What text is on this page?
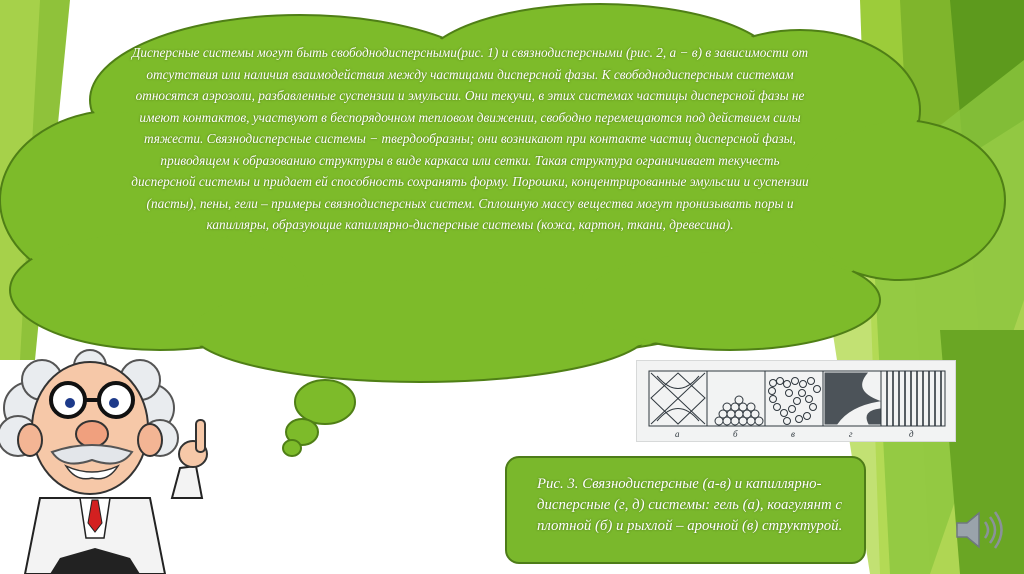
Дисперсные системы могут быть свободнодисперсными(рис. 1) и связнодисперсными (рис. 2, а − в) в зависимости от отсутствия или наличия взаимодействия между частицами дисперсной фазы. К свободнодисперсным системам относятся аэрозоли, разбавленные суспензии и эмульсии. Они текучи, в этих системах частицы дисперсной фазы не имеют контактов, участвуют в беспорядочном тепловом движении, свободно перемещаются под действием силы тяжести. Связнодисперсные системы − твердообразны; они возникают при контакте частиц дисперсной фазы, приводящем к образованию структуры в виде каркаса или сетки. Такая структура ограничивает текучесть дисперсной системы и придает ей способность сохранять форму. Порошки, концентрированные эмульсии и суспензии (пасты), пены, гели – примеры связнодисперсных систем. Сплошную массу вещества могут пронизывать поры и капилляры, образующие капиллярно-дисперсные системы (кожа, картон, ткани, древесина).
а	б	в	г	д
Рис. 3. Связнодисперсные (а-в) и капиллярно-дисперсные (г, д) системы: гель (а), коагулянт с плотной (б) и рыхлой – арочной (в) структурой.
